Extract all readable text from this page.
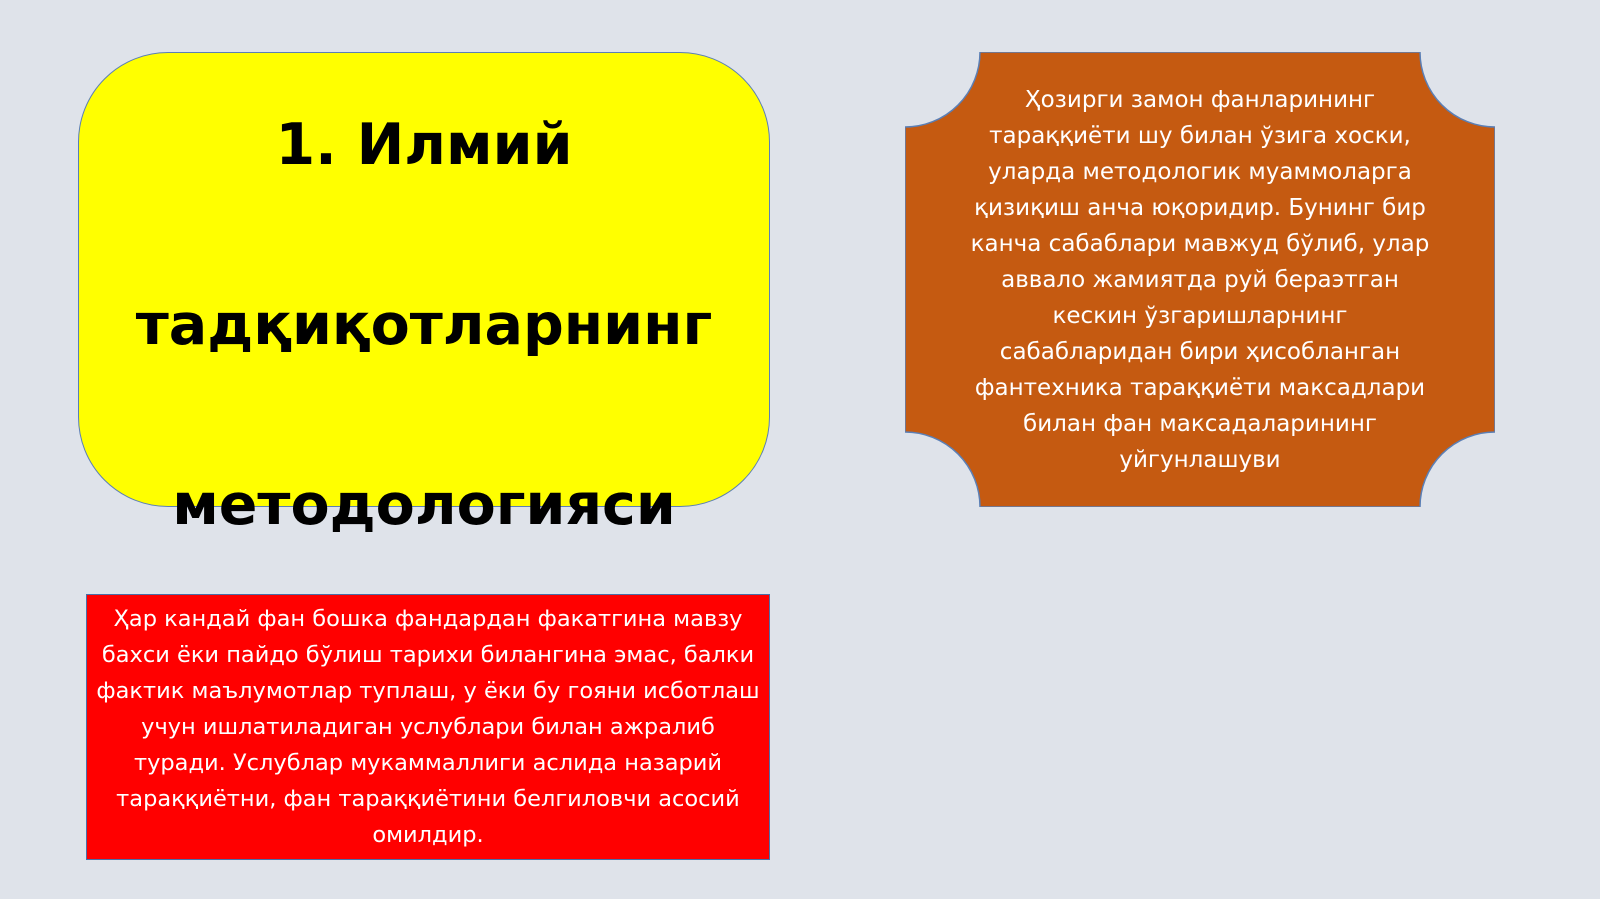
1. Илмий

тадқиқотларнинг

методологияси

Ҳозирги замон фанларининг тараққиёти шу билан ўзига хоски, уларда методологик муаммоларга қизиқиш анча юқоридир. Бунинг бир канча сабаблари мавжуд бўлиб, улар аввало жамиятда руй бераэтган кескин ўзгаришларнинг сабабларидан бири ҳисобланган фантехника тараққиёти максадлари билан фан максадаларининг уйгунлашуви

Ҳар кандай фан бошка фандардан факатгина мавзу бахси ёки пайдо бўлиш тарихи билангина эмас, балки фактик маълумотлар туплаш, у ёки бу гояни исботлаш учун ишлатиладиган услублари билан ажралиб туради. Услублар мукаммаллиги аслида назарий тараққиётни, фан тараққиётини белгиловчи асосий омилдир.
